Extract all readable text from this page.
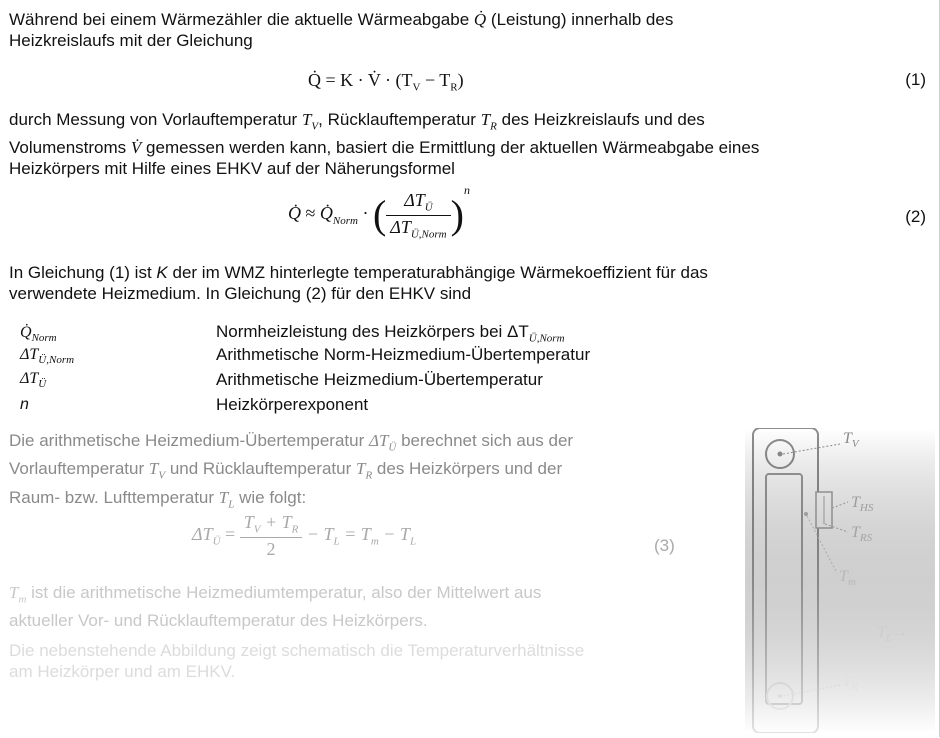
Während bei einem Wärmezähler die aktuelle Wärmeabgabe Q̇ (Leistung) innerhalb des
Heizkreislaufs mit der Gleichung
Q̇ = K · V̇ · $(T_V - T_R)$	(1)
durch Messung von Vorlauftemperatur $T_V$, Rücklauftemperatur $T_R$ des Heizkreislaufs und des
Volumenstroms V̇ gemessen werden kann, basiert die Ermittlung der aktuellen Wärmeabgabe eines
Heizkörpers mit Hilfe eines EHKV auf der Näherungsformel
Q̇ ≈ $Q̇_{Norm}$ · ( $\frac{\Delta T_Ü}{\Delta T_{Ü,Norm}} )^n$
(2)
In Gleichung (1) ist K der im WMZ hinterlegte temperaturabhängige Wärmekoeffizient für das
verwendete Heizmedium. In Gleichung (2) für den EHKV sind
$Q̇_{Norm}$	Normheizleistung des Heizkörpers bei $\Delta T_{Ü,Norm}$
$\Delta T_{Ü,Norm}$	Arithmetische Norm-Heizmedium-Übertemperatur
$\Delta T_Ü$	Arithmetische Heizmedium-Übertemperatur
n	Heizkörperexponent
Die arithmetische Heizmedium-Übertemperatur $\Delta T_Ü$ berechnet sich aus der
Vorlauftemperatur $T_V$ und Rücklauftemperatur $T_R$ des Heizkörpers und der
Raum- bzw. Lufttemperatur $T_L$ wie folgt:
$\Delta T_Ü = \frac{T_V + T_R}{2} - T_L = T_m - T_L$	(3)
$T_m$ ist die arithmetische Heizmediumtemperatur, also der Mittelwert aus
aktueller Vor- und Rücklauftemperatur des Heizkörpers.
Die nebenstehende Abbildung zeigt schematisch die Temperaturverhältnisse
am Heizkörper und am EHKV.
$T_V$
$T_{HS}$
$T_{RS}$
$T_m$
$T_L\to$
$T_R$
